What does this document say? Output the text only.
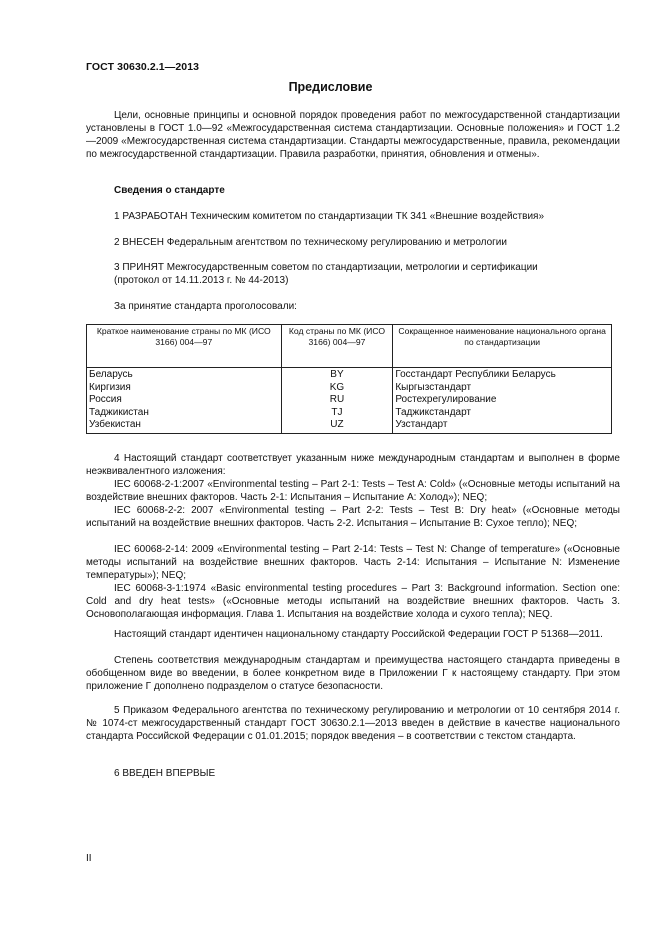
ГОСТ 30630.2.1—2013
Предисловие

Цели, основные принципы и основной порядок проведения работ по межгосударственной стандартизации установлены в ГОСТ 1.0—92 «Межгосударственная система стандартизации. Основные положения» и ГОСТ 1.2—2009 «Межгосударственная система стандартизации. Стандарты межгосударственные, правила, рекомендации по межгосударственной стандартизации. Правила разработки, принятия, обновления и отмены».

Сведения о стандарте

1 РАЗРАБОТАН Техническим комитетом по стандартизации ТК 341 «Внешние воздействия»

2 ВНЕСЕН Федеральным агентством по техническому регулированию и метрологии

3 ПРИНЯТ Межгосударственным советом по стандартизации, метрологии и сертификации

(протокол от 14.11.2013 г. № 44-2013)

За принятие стандарта проголосовали:

Краткое наименование страны по МК (ИСО 3166) 004—97	Код страны по МК (ИСО 3166) 004—97	Сокращенное наименование национального органа по стандартизации
Беларусь	BY	Госстандарт Республики Беларусь
Киргизия	KG	Кыргызстандарт
Россия	RU	Ростехрегулирование
Таджикистан	TJ	Таджикстандарт
Узбекистан	UZ	Узстандарт

4 Настоящий стандарт соответствует указанным ниже международным стандартам и выполнен в форме неэквивалентного изложения:

IEC 60068-2-1:2007 «Environmental testing – Part 2-1: Tests – Test A: Cold» («Основные методы испытаний на воздействие внешних факторов. Часть 2-1: Испытания – Испытание А: Холод»); NEQ;

IEC 60068-2-2: 2007 «Environmental testing – Part 2-2: Tests – Test B: Dry heat» («Основные методы испытаний на воздействие внешних факторов. Часть 2-2. Испытания – Испытание В: Сухое тепло); NEQ;

IEC 60068-2-14: 2009 «Environmental testing – Part 2-14: Tests – Test N: Change of temperature» («Основные методы испытаний на воздействие внешних факторов. Часть 2-14: Испытания – Испытание N: Изменение температуры»); NEQ;

IEC 60068-3-1:1974 «Basic environmental testing procedures – Part 3: Background information. Section one: Cold and dry heat tests» («Основные методы испытаний на воздействие внешних факторов. Часть 3. Основополагающая информация. Глава 1. Испытания на воздействие холода и сухого тепла); NEQ.

Настоящий стандарт идентичен национальному стандарту Российской Федерации ГОСТ Р 51368—2011.

Степень соответствия международным стандартам и преимущества настоящего стандарта приведены в обобщенном виде во введении, в более конкретном виде в Приложении Г к настоящему стандарту. При этом приложение Г дополнено подразделом о статусе безопасности.

5 Приказом Федерального агентства по техническому регулированию и метрологии от 10 сентября 2014 г. № 1074-ст межгосударственный стандарт ГОСТ 30630.2.1—2013 введен в действие в качестве национального стандарта Российской Федерации с 01.01.2015; порядок введения – в соответствии с текстом стандарта.

6 ВВЕДЕН ВПЕРВЫЕ

II
